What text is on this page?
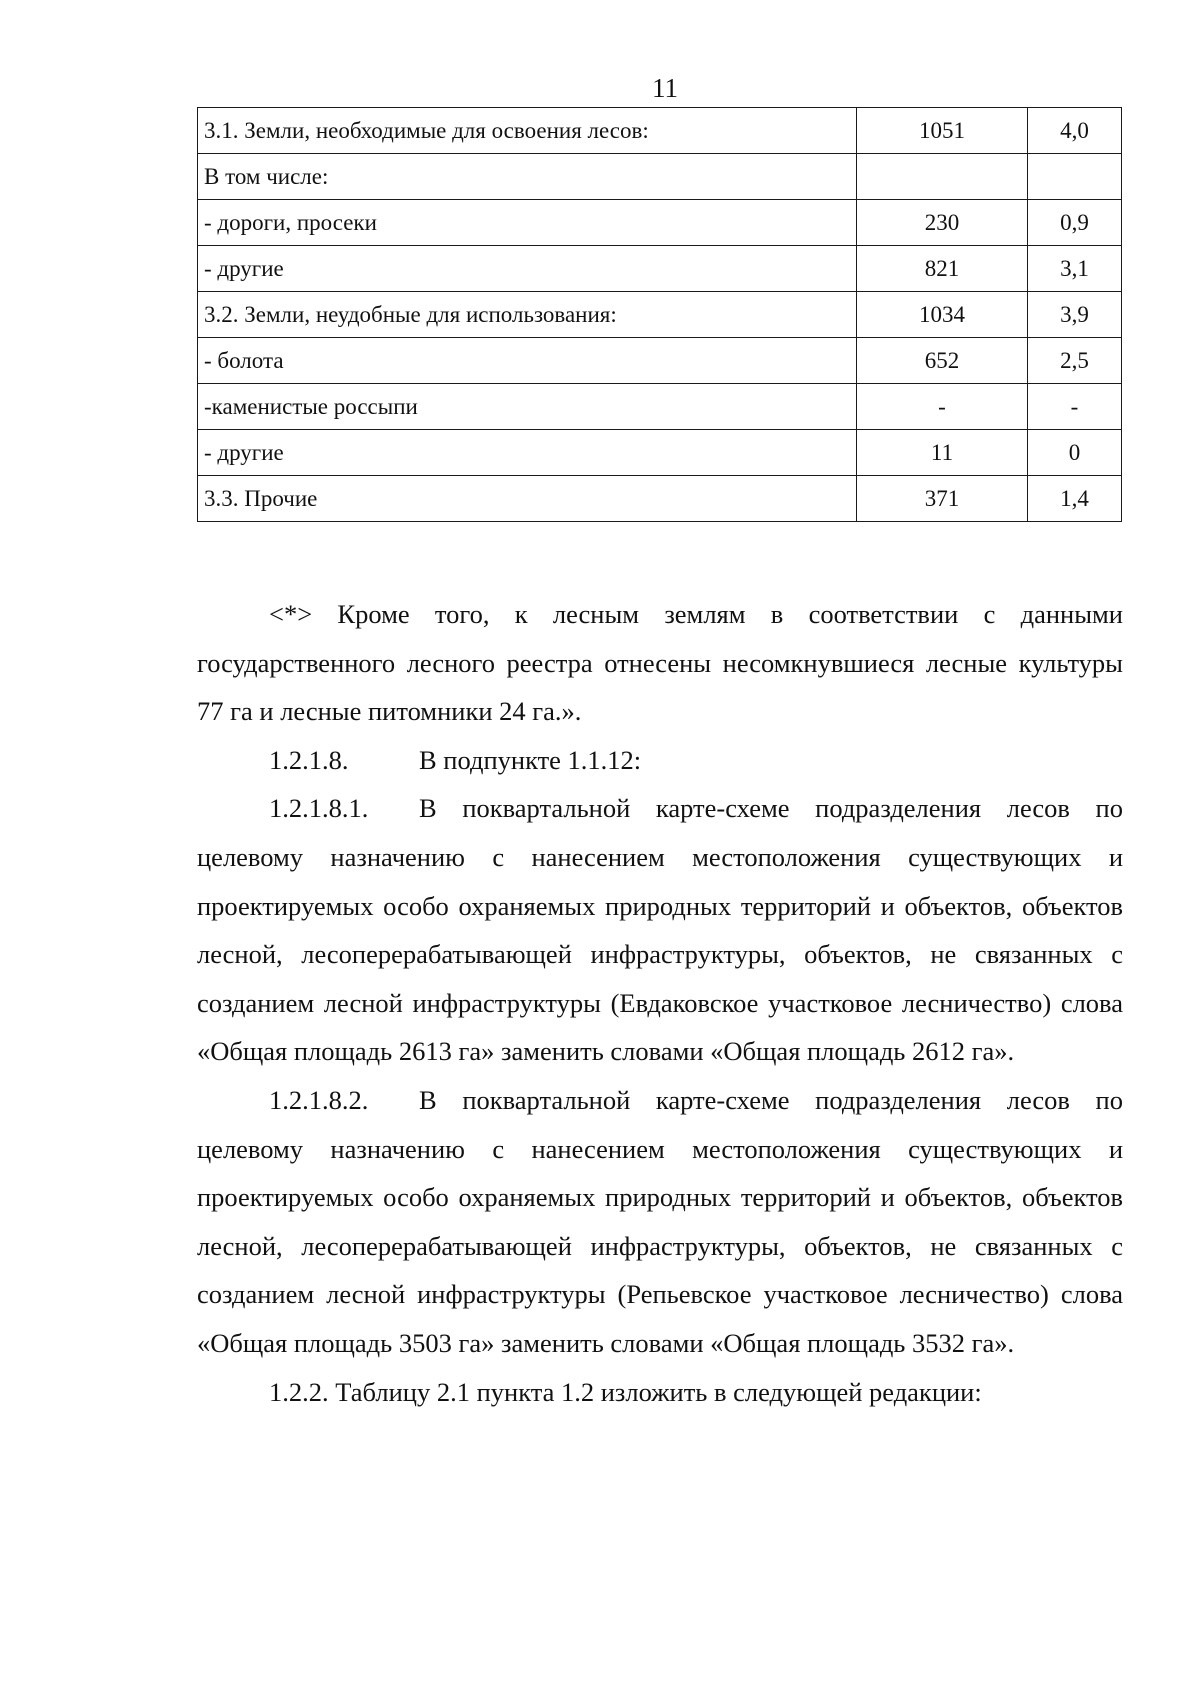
11
3.1. Земли, необходимые для освоения лесов:	1051	4,0
В том числе:		
- дороги, просеки	230	0,9
- другие	821	3,1
3.2. Земли, неудобные для использования:	1034	3,9
- болота	652	2,5
-каменистые россыпи	-	-
- другие	11	0
3.3. Прочие	371	1,4

<*> Кроме того, к лесным землям в соответствии с данными государственного лесного реестра отнесены несомкнувшиеся лесные культуры 77 га и лесные питомники 24 га.».

1.2.1.8.	В подпункте 1.1.12:

1.2.1.8.1. В поквартальной карте-схеме подразделения лесов по целевому назначению с нанесением местоположения существующих и проектируемых особо охраняемых природных территорий и объектов, объектов лесной, лесоперерабатывающей инфраструктуры, объектов, не связанных с созданием лесной инфраструктуры (Евдаковское участковое лесничество) слова «Общая площадь 2613 га» заменить словами «Общая площадь 2612 га».

1.2.1.8.2. В поквартальной карте-схеме подразделения лесов по целевому назначению с нанесением местоположения существующих и проектируемых особо охраняемых природных территорий и объектов, объектов лесной, лесоперерабатывающей инфраструктуры, объектов, не связанных с созданием лесной инфраструктуры (Репьевское участковое лесничество) слова «Общая площадь 3503 га» заменить словами «Общая площадь 3532 га».

1.2.2. Таблицу 2.1 пункта 1.2 изложить в следующей редакции:
